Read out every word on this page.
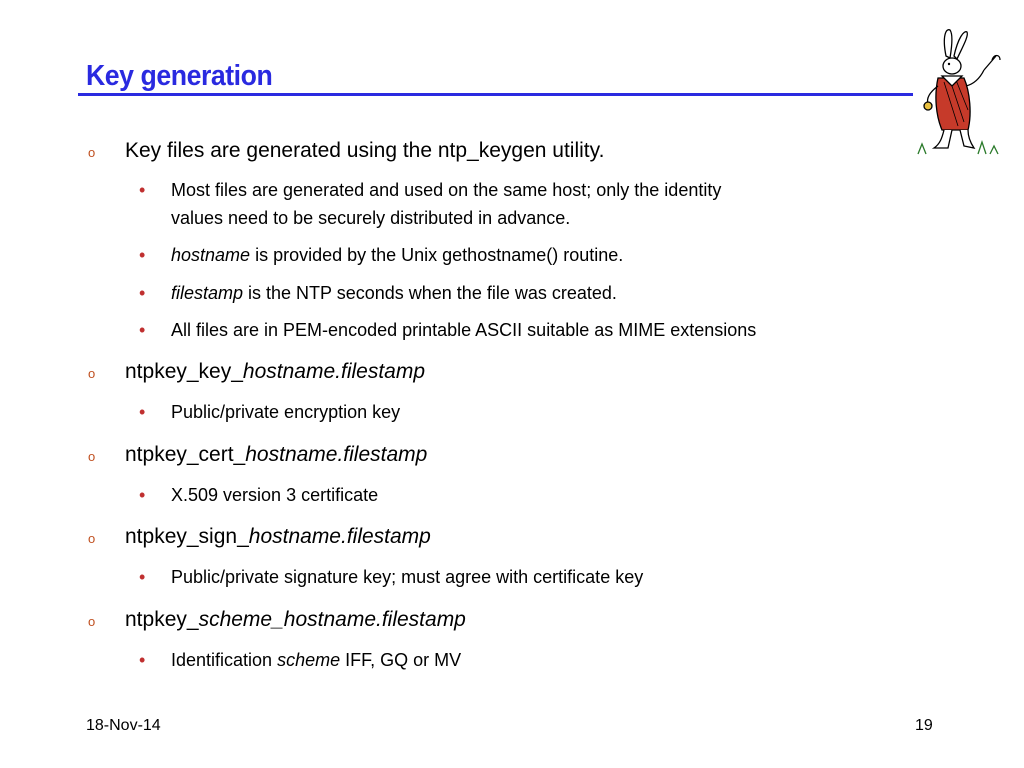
Key generation
o Key files are generated using the ntp_keygen utility.
• Most files are generated and used on the same host; only the identity
values need to be securely distributed in advance.
• hostname is provided by the Unix gethostname() routine.
• filestamp is the NTP seconds when the file was created.
• All files are in PEM-encoded printable ASCII suitable as MIME extensions
o ntpkey_key_hostname.filestamp
• Public/private encryption key
o ntpkey_cert_hostname.filestamp
• X.509 version 3 certificate
o ntpkey_sign_hostname.filestamp
• Public/private signature key; must agree with certificate key
o ntpkey_scheme_hostname.filestamp
• Identification scheme IFF, GQ or MV
18-Nov-14	19
